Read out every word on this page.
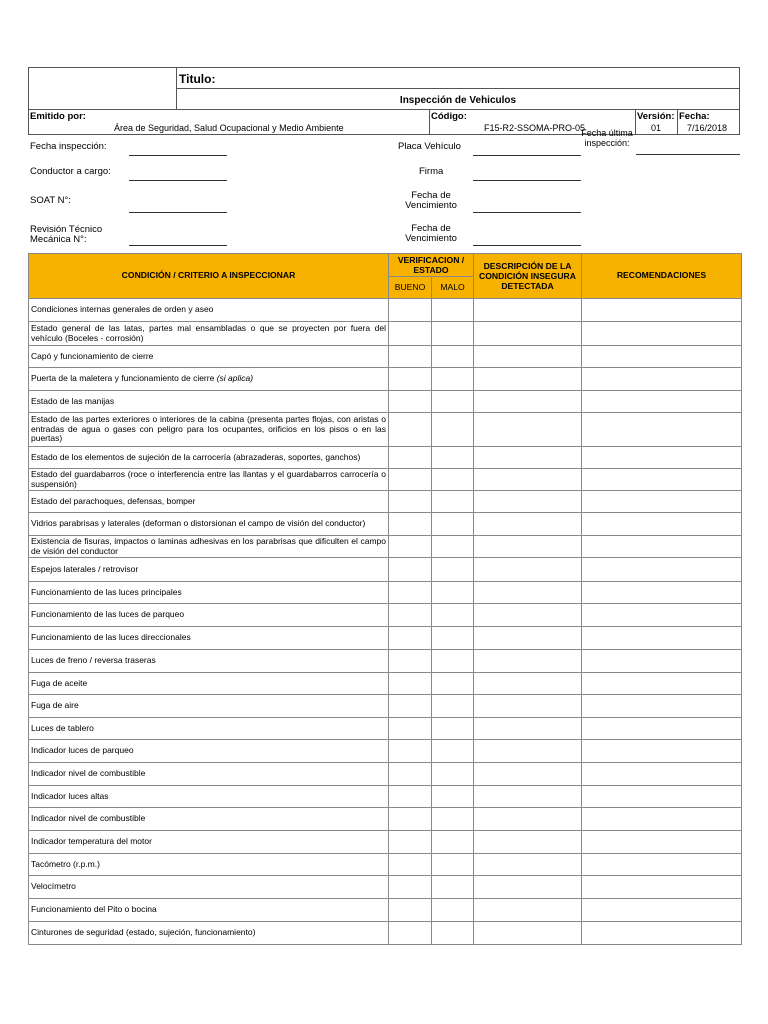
Titulo:
Inspección de Vehiculos
Emitido por:
Área de Seguridad, Salud Ocupacional y Medio Ambiente
Código:
F15-R2-SSOMA-PRO-05
Versión:
01
Fecha:
7/16/2018
Fecha inspección:	Placa Vehículo
Fecha última inspección:
Conductor a cargo:	Firma
SOAT N°:	Fecha de Vencimiento
Revisión Técnico Mecánica N°:
Fecha de Vencimiento
CONDICIÓN / CRITERIO A INSPECCIONAR	VERIFICACION / ESTADO		DESCRIPCIÓN DE LA CONDICIÓN INSEGURA DETECTADA	RECOMENDACIONES
	BUENO	MALO		
Condiciones internas generales de orden y aseo				
Estado general de las latas, partes mal ensambladas o que se proyecten por fuera del vehículo (Boceles - corrosión)				
Capó y funcionamiento de cierre				
Puerta de la maletera y funcionamiento de cierre (si aplica)				
Estado de las manijas				
Estado de las partes exteriores o interiores de la cabina (presenta partes flojas, con aristas o entradas de agua o gases con peligro para los ocupantes, orificios en los pisos o en las puertas)				
Estado de los elementos de sujeción de la carrocería (abrazaderas, soportes, ganchos)				
Estado del guardabarros (roce o interferencia entre las llantas y el guardabarros carrocería o suspensión)				
Estado del parachoques, defensas, bomper				
Vidrios parabrisas y laterales (deforman o distorsionan el campo de visión del conductor)				
Existencia de fisuras, impactos o laminas adhesivas en los parabrisas que dificulten el campo de visión del conductor				
Espejos laterales / retrovisor				
Funcionamiento de las luces principales				
Funcionamiento de las luces de parqueo				
Funcionamiento de las luces direccionales				
Luces de freno / reversa traseras				
Fuga de aceite				
Fuga de aire				
Luces de tablero				
Indicador luces de parqueo				
Indicador nivel de combustible				
Indicador luces altas				
Indicador nivel de combustible				
Indicador temperatura del motor				
Tacómetro (r.p.m.)				
Velocímetro				
Funcionamiento del Pito o bocina				
Cinturones de seguridad (estado, sujeción, funcionamiento)				
